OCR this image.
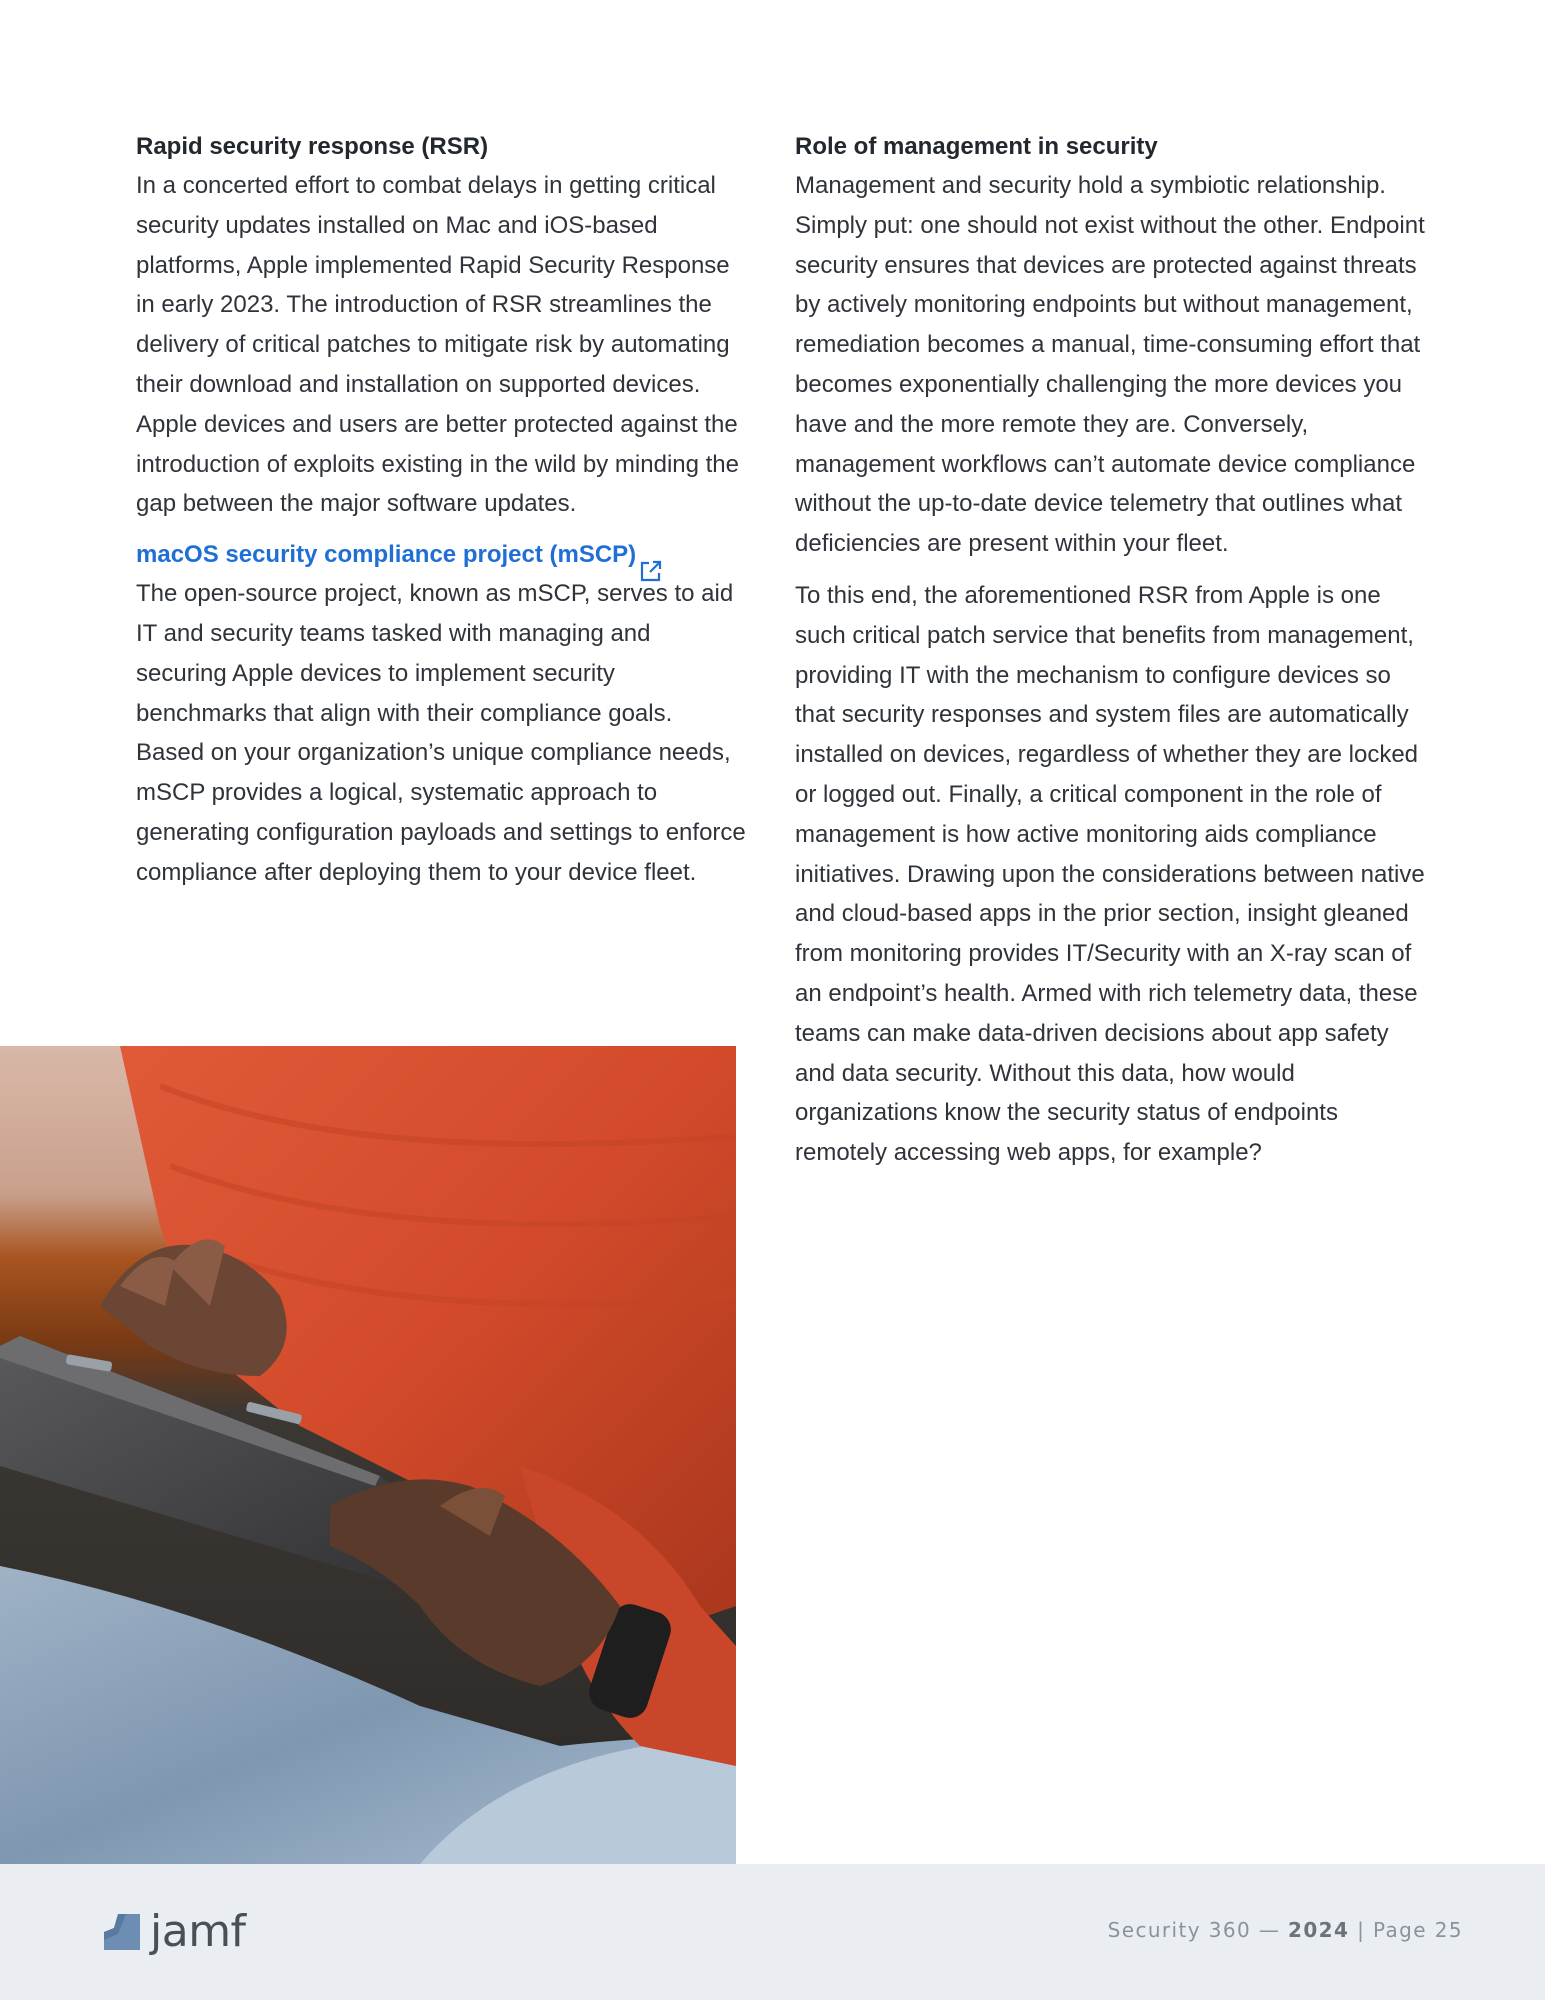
Rapid security response (RSR)

In a concerted effort to combat delays in getting critical security updates installed on Mac and iOS-based platforms, Apple implemented Rapid Security Response in early 2023. The introduction of RSR streamlines the delivery of critical patches to mitigate risk by automating their download and installation on supported devices. Apple devices and users are better protected against the introduction of exploits existing in the wild by minding the gap between the major software updates.

macOS security compliance project (mSCP)

The open-source project, known as mSCP, serves to aid IT and security teams tasked with managing and securing Apple devices to implement security benchmarks that align with their compliance goals. Based on your organization’s unique compliance needs, mSCP provides a logical, systematic approach to generating configuration payloads and settings to enforce compliance after deploying them to your device fleet.

Role of management in security

Management and security hold a symbiotic relationship. Simply put: one should not exist without the other. Endpoint security ensures that devices are protected against threats by actively monitoring endpoints but without management, remediation becomes a manual, time-consuming effort that becomes exponentially challenging the more devices you have and the more remote they are. Conversely, management workflows can’t automate device compliance without the up-to-date device telemetry that outlines what deficiencies are present within your fleet.

To this end, the aforementioned RSR from Apple is one such critical patch service that benefits from management, providing IT with the mechanism to configure devices so that security responses and system files are automatically installed on devices, regardless of whether they are locked or logged out. Finally, a critical component in the role of management is how active monitoring aids compliance initiatives. Drawing upon the considerations between native and cloud-based apps in the prior section, insight gleaned from monitoring provides IT/Security with an X-ray scan of an endpoint’s health. Armed with rich telemetry data, these teams can make data-driven decisions about app safety and data security. Without this data, how would organizations know the security status of endpoints remotely accessing web apps, for example?

jamf	Security 360 — 2024 | Page 25
